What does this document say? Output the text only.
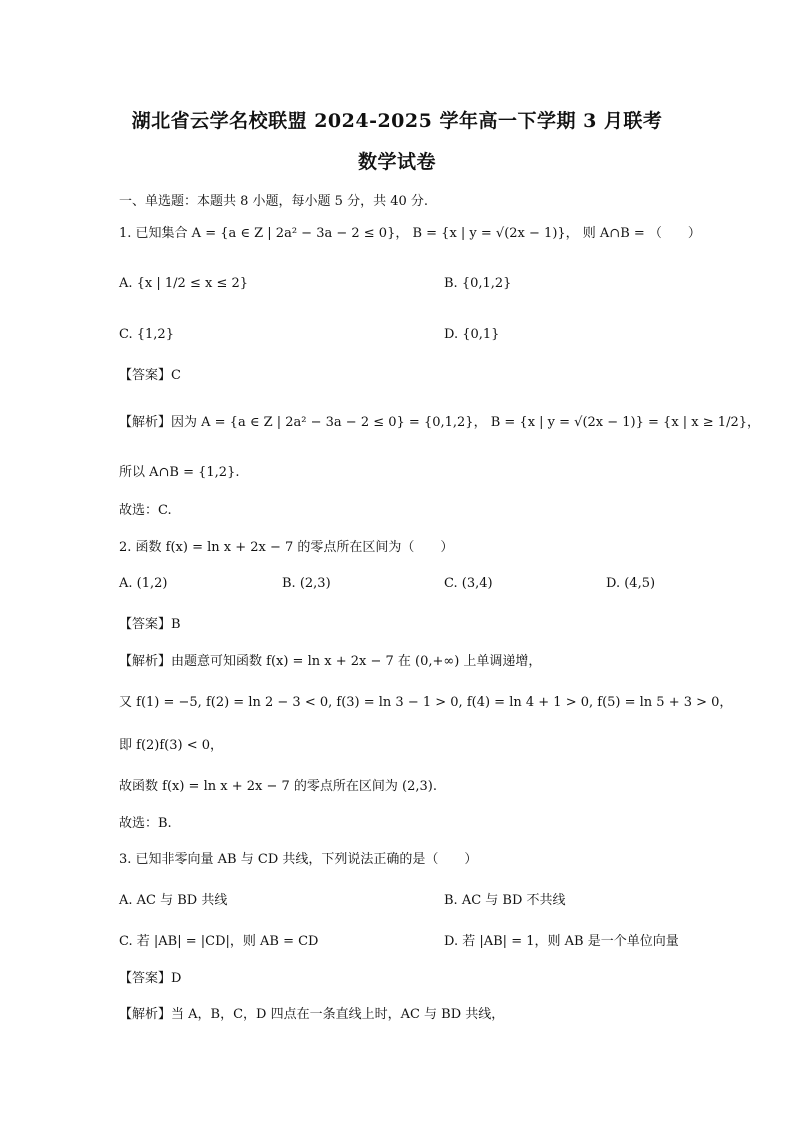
湖北省云学名校联盟 2024-2025 学年高一下学期 3 月联考
数学试卷
一、单选题：本题共 8 小题，每小题 5 分，共 40 分.
1. 已知集合 A = {a ∈ Z | 2a² − 3a − 2 ≤ 0}， B = {x | y = √(2x − 1)}， 则 A∩B = （　　）
A. {x | 1/2 ≤ x ≤ 2}	B. {0,1,2}
C. {1,2}	D. {0,1}
【答案】C
【解析】因为 A = {a ∈ Z | 2a² − 3a − 2 ≤ 0} = {0,1,2}， B = {x | y = √(2x − 1)} = {x | x ≥ 1/2}，
所以 A∩B = {1,2}.
故选：C.
2. 函数 f(x) = ln x + 2x − 7 的零点所在区间为（　　）
A. (1,2)	B. (2,3)	C. (3,4)	D. (4,5)
【答案】B
【解析】由题意可知函数 f(x) = ln x + 2x − 7 在 (0,+∞) 上单调递增，
又 f(1) = −5, f(2) = ln 2 − 3 < 0, f(3) = ln 3 − 1 > 0, f(4) = ln 4 + 1 > 0, f(5) = ln 5 + 3 > 0，
即 f(2)f(3) < 0，
故函数 f(x) = ln x + 2x − 7 的零点所在区间为 (2,3).
故选：B.
3. 已知非零向量 AB 与 CD 共线，下列说法正确的是（　　）
A. AC 与 BD 共线	B. AC 与 BD 不共线
C. 若 |AB| = |CD|，则 AB = CD	D. 若 |AB| = 1，则 AB 是一个单位向量
【答案】D
【解析】当 A，B，C，D 四点在一条直线上时，AC 与 BD 共线，
